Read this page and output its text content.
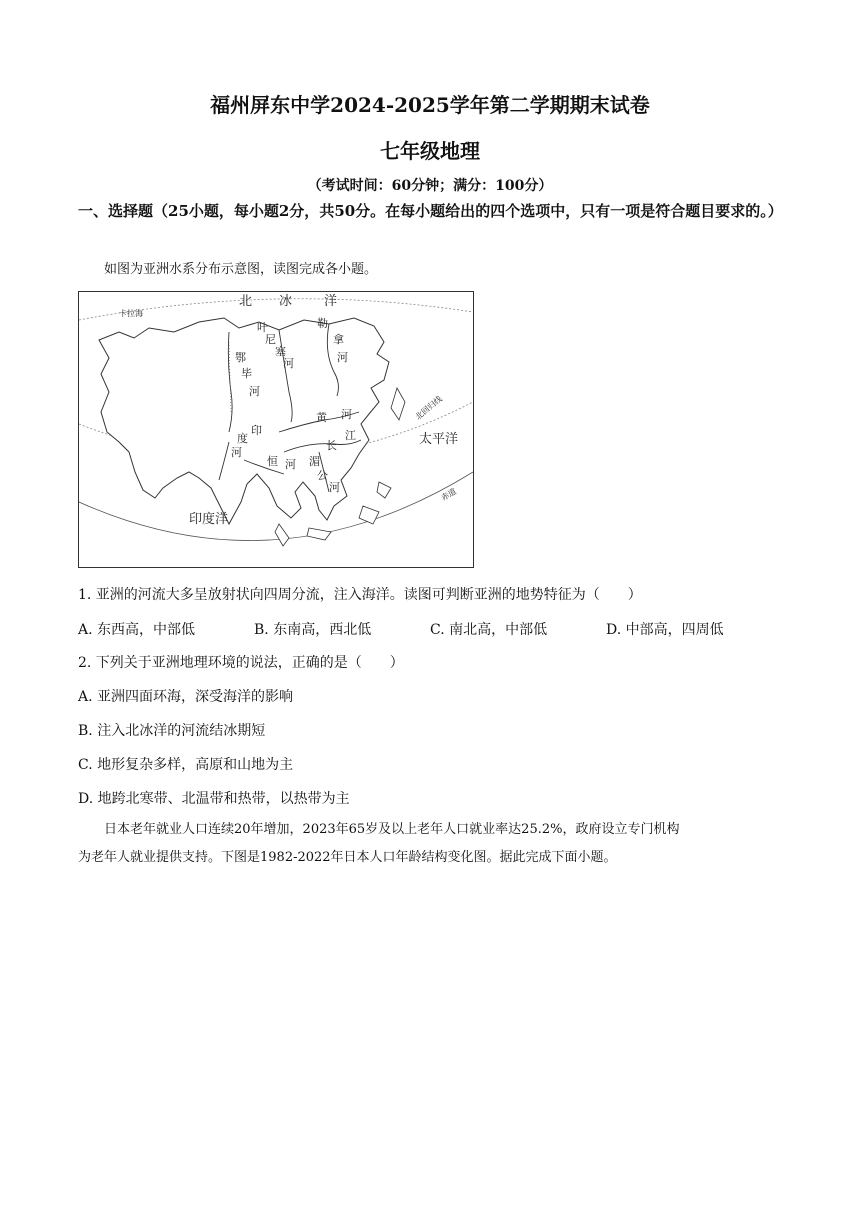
福州屏东中学2024-2025学年第二学期期末试卷
七年级地理
（考试时间：60分钟；满分：100分）
一、选择题（25小题，每小题2分，共50分。在每小题给出的四个选项中，只有一项是符合题目要求的。）
如图为亚洲水系分布示意图，读图完成各小题。
北 冰 洋
卡拉海
叶
尼
塞
河
勒
拿
河
鄂
毕
河
黄 河
长
江
印
度
河
恒 河 湄
公
河
北回归线
太平洋
赤道
印度洋
1. 亚洲的河流大多呈放射状向四周分流，注入海洋。读图可判断亚洲的地势特征为（　　）
A. 东西高，中部低	B. 东南高，西北低	C. 南北高，中部低	D. 中部高，四周低
2. 下列关于亚洲地理环境的说法，正确的是（　　）
A. 亚洲四面环海，深受海洋的影响
B. 注入北冰洋的河流结冰期短
C. 地形复杂多样，高原和山地为主
D. 地跨北寒带、北温带和热带，以热带为主
日本老年就业人口连续20年增加，2023年65岁及以上老年人口就业率达25.2%，政府设立专门机构
为老年人就业提供支持。下图是1982-2022年日本人口年龄结构变化图。据此完成下面小题。
